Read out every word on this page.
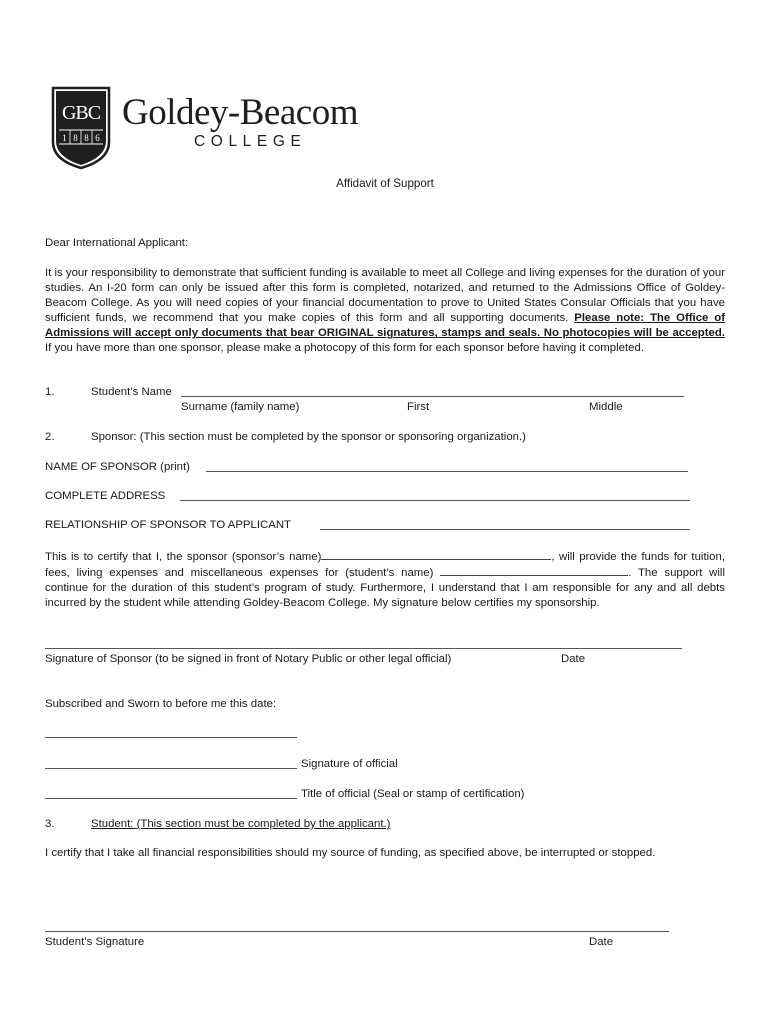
GBC
1 8 8 6
Goldey-Beacom
COLLEGE
Affidavit of Support
Dear International Applicant:
It is your responsibility to demonstrate that sufficient funding is available to meet all College and living expenses for the duration of your studies. An I-20 form can only be issued after this form is completed, notarized, and returned to the Admissions Office of Goldey-Beacom College. As you will need copies of your financial documentation to prove to United States Consular Officials that you have sufficient funds, we recommend that you make copies of this form and all supporting documents. Please note: The Office of Admissions will accept only documents that bear ORIGINAL signatures, stamps and seals. No photocopies will be accepted. If you have more than one sponsor, please make a photocopy of this form for each sponsor before having it completed.
1.	Student’s Name
Surname (family name)	First	Middle
2.	Sponsor: (This section must be completed by the sponsor or sponsoring organization.)
NAME OF SPONSOR (print)
COMPLETE ADDRESS
RELATIONSHIP OF SPONSOR TO APPLICANT
This is to certify that I, the sponsor (sponsor’s name)	, will provide the funds for tuition, fees, living expenses and miscellaneous expenses for (student’s name)	. The support will continue for the duration of this student’s program of study. Furthermore, I understand that I am responsible for any and all debts incurred by the student while attending Goldey-Beacom College. My signature below certifies my sponsorship.
Signature of Sponsor (to be signed in front of Notary Public or other legal official)	Date
Subscribed and Sworn to before me this date:
Signature of official
Title of official (Seal or stamp of certification)
3.	Student: (This section must be completed by the applicant.)
I certify that I take all financial responsibilities should my source of funding, as specified above, be interrupted or stopped.
Student’s Signature	Date
